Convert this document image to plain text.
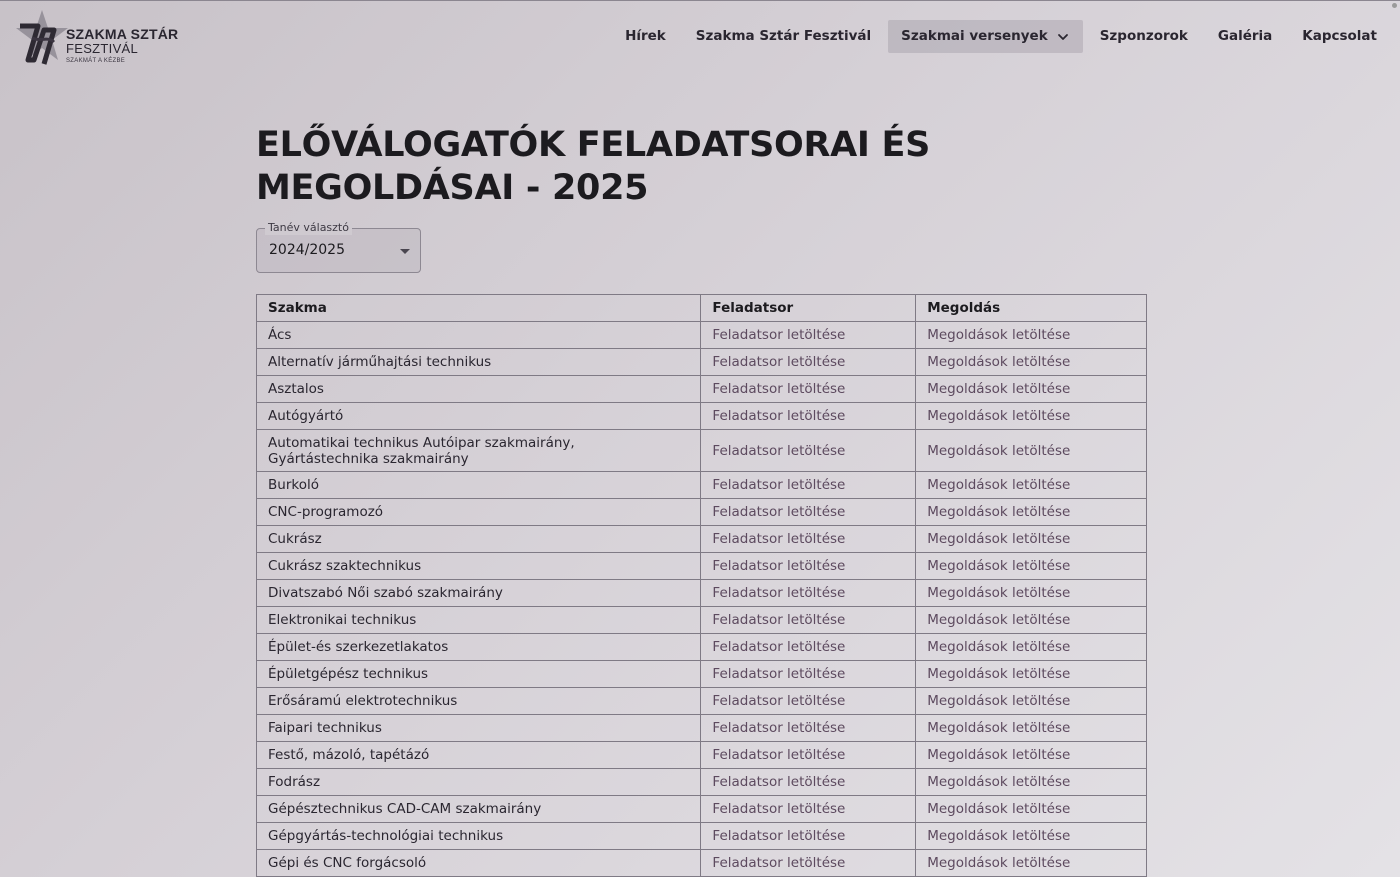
SZAKMA SZTÁR
FESZTIVÁL
SZAKMÁT A KÉZBE
Hírek Szakma Sztár Fesztivál Szakmai versenyek	Szponzorok Galéria Kapcsolat
ELŐVÁLOGATÓK FELADATSORAI ÉS
MEGOLDÁSAI - 2025
Tanév választó
2024/2025
Szakma	Feladatsor	Megoldás
Ács	Feladatsor letöltése	Megoldások letöltése
Alternatív járműhajtási technikus	Feladatsor letöltése	Megoldások letöltése
Asztalos	Feladatsor letöltése	Megoldások letöltése
Autógyártó	Feladatsor letöltése	Megoldások letöltése
Automatikai technikus Autóipar szakmairány,
Gyártástechnika szakmairány	Feladatsor letöltése	Megoldások letöltése
Burkoló	Feladatsor letöltése	Megoldások letöltése
CNC-programozó	Feladatsor letöltése	Megoldások letöltése
Cukrász	Feladatsor letöltése	Megoldások letöltése
Cukrász szaktechnikus	Feladatsor letöltése	Megoldások letöltése
Divatszabó Női szabó szakmairány	Feladatsor letöltése	Megoldások letöltése
Elektronikai technikus	Feladatsor letöltése	Megoldások letöltése
Épület-és szerkezetlakatos	Feladatsor letöltése	Megoldások letöltése
Épületgépész technikus	Feladatsor letöltése	Megoldások letöltése
Erősáramú elektrotechnikus	Feladatsor letöltése	Megoldások letöltése
Faipari technikus	Feladatsor letöltése	Megoldások letöltése
Festő, mázoló, tapétázó	Feladatsor letöltése	Megoldások letöltése
Fodrász	Feladatsor letöltése	Megoldások letöltése
Gépésztechnikus CAD-CAM szakmairány	Feladatsor letöltése	Megoldások letöltése
Gépgyártás-technológiai technikus	Feladatsor letöltése	Megoldások letöltése
Gépi és CNC forgácsoló	Feladatsor letöltése	Megoldások letöltése
